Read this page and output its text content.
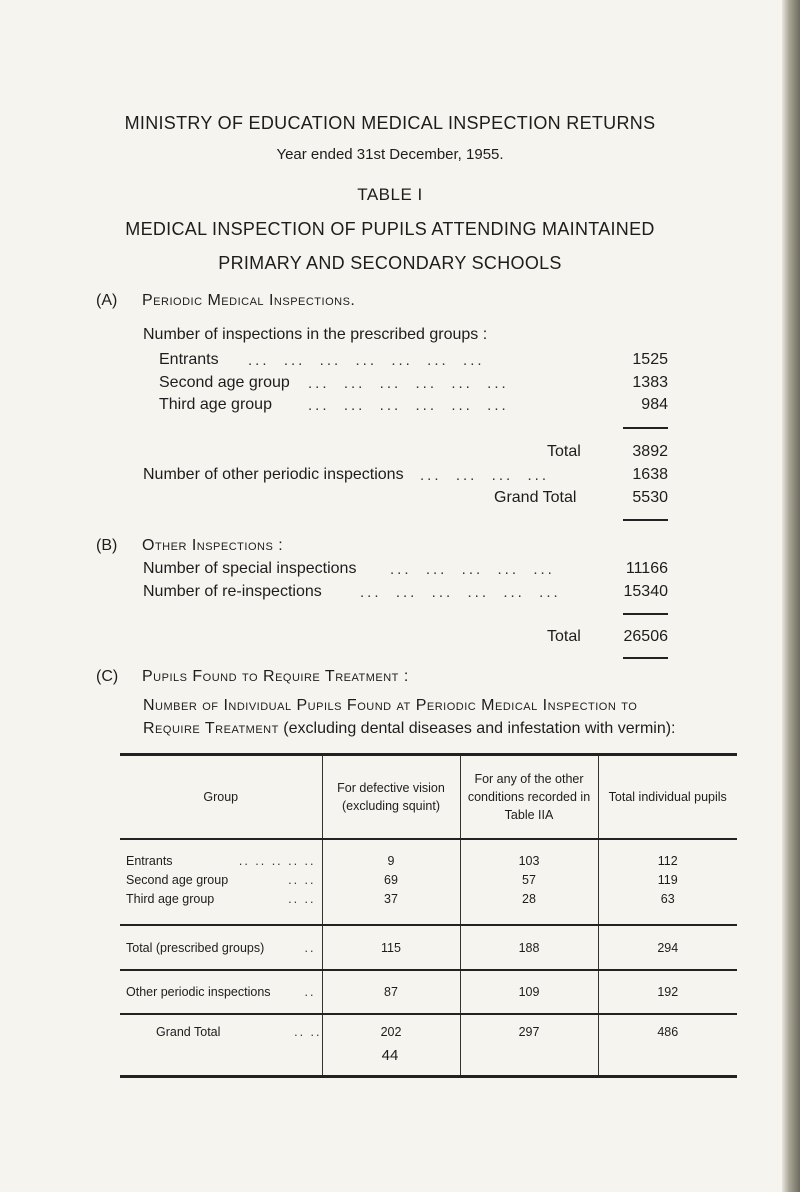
MINISTRY OF EDUCATION MEDICAL INSPECTION RETURNS
Year ended 31st December, 1955.
TABLE I
MEDICAL INSPECTION OF PUPILS ATTENDING MAINTAINED
PRIMARY AND SECONDARY SCHOOLS
(A) Periodic Medical Inspections.
Number of inspections in the prescribed groups :
Entrants ...  ...  ...  ...  ...  ...  ...	1525
Second age group ...  ...  ...  ...  ...  ...	1383
Third age group ...  ...  ...  ...  ...  ...	984
Total	3892
Number of other periodic inspections ...  ...  ...  ...	1638
Grand Total	5530
(B) Other Inspections :
Number of special inspections ...  ...  ...  ...  ...	11166
Number of re-inspections	...  ...  ...  ...  ...  ...	15340
Total	26506
(C) Pupils Found to Require Treatment :
Number of Individual Pupils Found at Periodic Medical Inspection to
Require Treatment (excluding dental diseases and infestation with vermin):
Group	For defective vision (excluding squint)	For any of the other conditions recorded in Table IIA	Total individual pupils
Entrants .. .. .. .. ..	9	103	112
Second age group .. ..	69	57	119
Third age group .. ..	37	28	63
Total (prescribed groups) ..	115	188	294
Other periodic inspections ..	87	109	192
Grand Total .. ..	202	297	486
44
